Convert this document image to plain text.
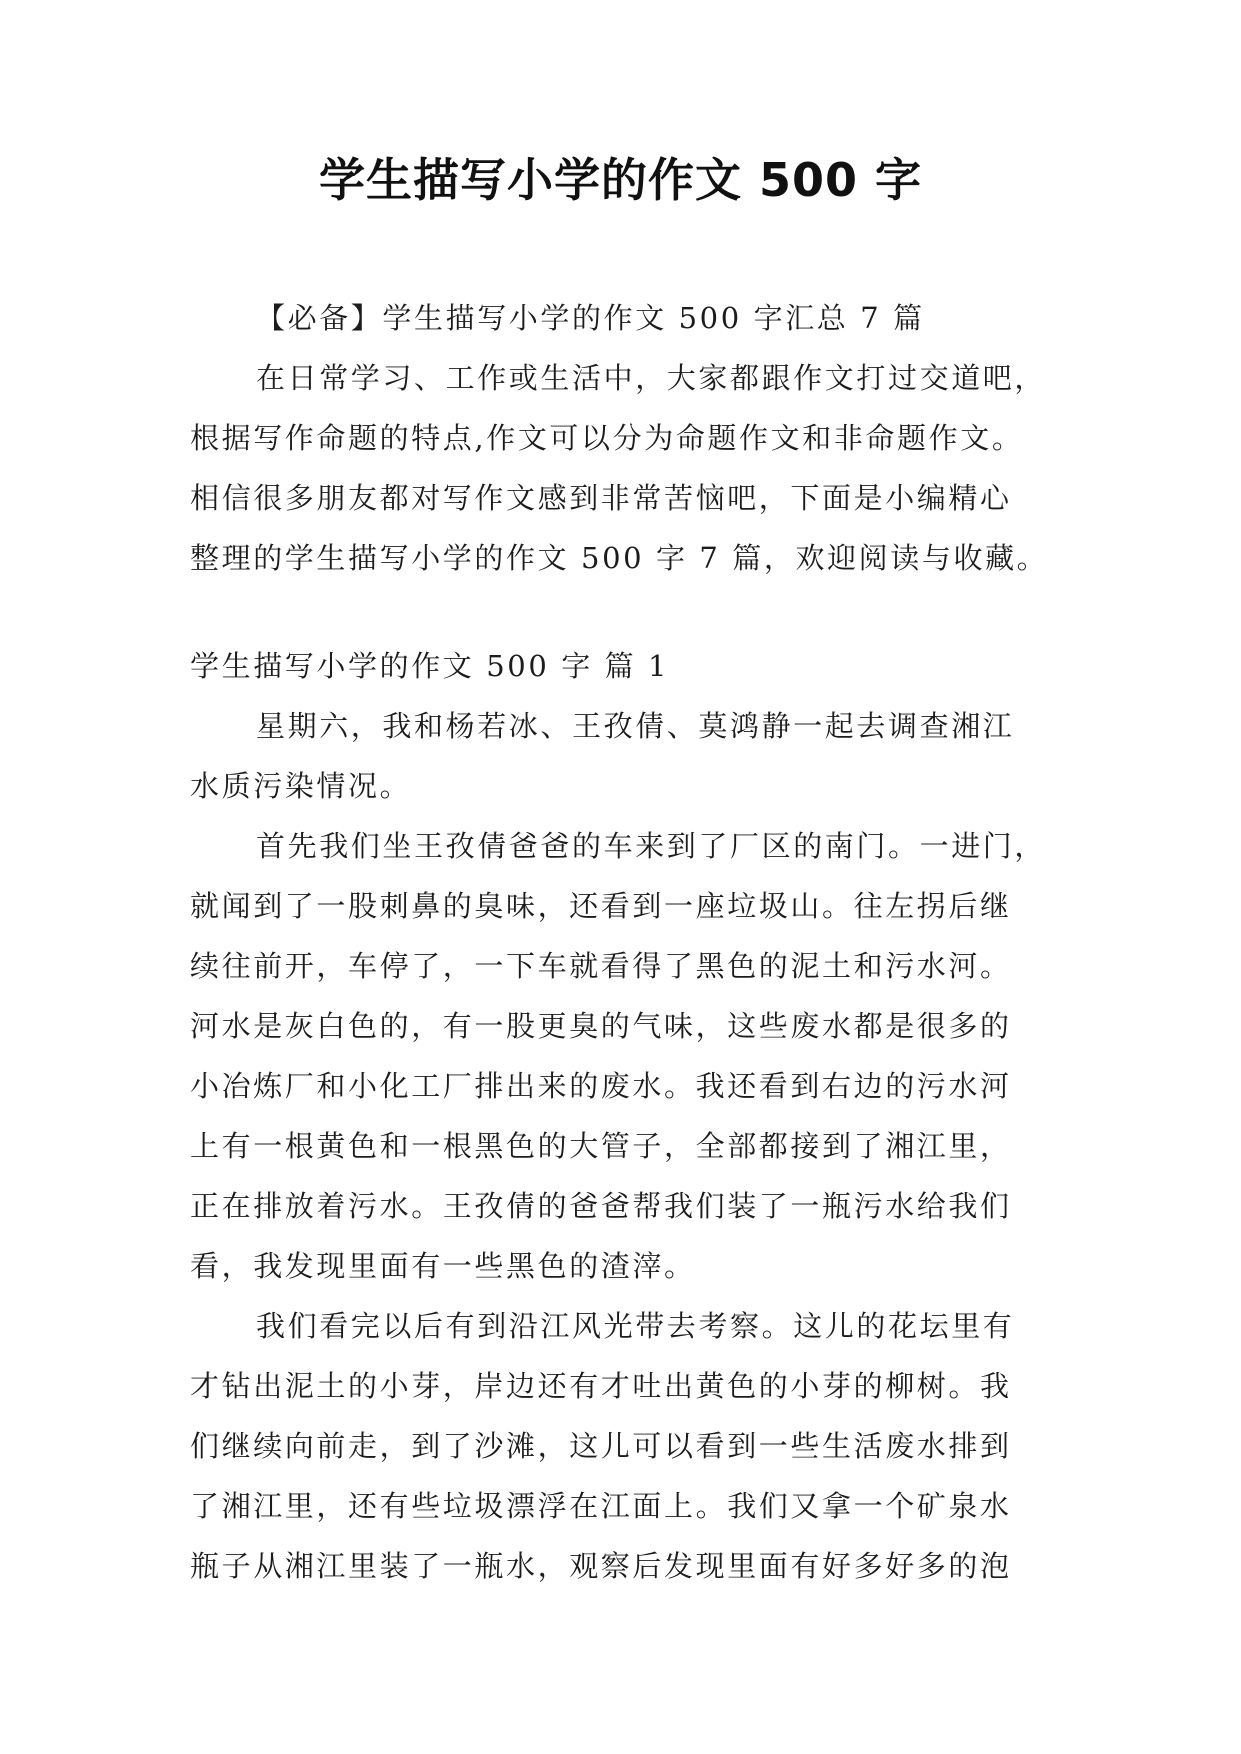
学生描写小学的作文 500 字
【必备】学生描写小学的作文 500 字汇总 7 篇
在日常学习、工作或生活中，大家都跟作文打过交道吧，
根据写作命题的特点,作文可以分为命题作文和非命题作文。
相信很多朋友都对写作文感到非常苦恼吧，下面是小编精心
整理的学生描写小学的作文 500 字 7 篇，欢迎阅读与收藏。
学生描写小学的作文 500 字 篇 1
星期六，我和杨若冰、王孜倩、莫鸿静一起去调查湘江
水质污染情况。
首先我们坐王孜倩爸爸的车来到了厂区的南门。一进门，
就闻到了一股刺鼻的臭味，还看到一座垃圾山。往左拐后继
续往前开，车停了，一下车就看得了黑色的泥土和污水河。
河水是灰白色的，有一股更臭的气味，这些废水都是很多的
小冶炼厂和小化工厂排出来的废水。我还看到右边的污水河
上有一根黄色和一根黑色的大管子，全部都接到了湘江里，
正在排放着污水。王孜倩的爸爸帮我们装了一瓶污水给我们
看，我发现里面有一些黑色的渣滓。
我们看完以后有到沿江风光带去考察。这儿的花坛里有
才钻出泥土的小芽，岸边还有才吐出黄色的小芽的柳树。我
们继续向前走，到了沙滩，这儿可以看到一些生活废水排到
了湘江里，还有些垃圾漂浮在江面上。我们又拿一个矿泉水
瓶子从湘江里装了一瓶水，观察后发现里面有好多好多的泡
